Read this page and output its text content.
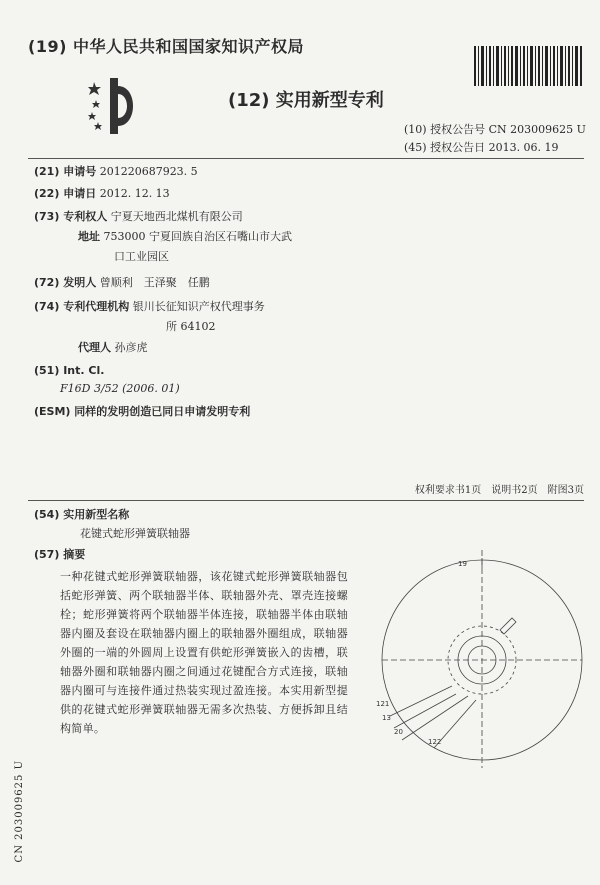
(19) 中华人民共和国国家知识产权局
(12) 实用新型专利
(10) 授权公告号 CN 203009625 U
(45) 授权公告日 2013. 06. 19
(21) 申请号 201220687923. 5
(22) 申请日 2012. 12. 13
(73) 专利权人 宁夏天地西北煤机有限公司
地址 753000 宁夏回族自治区石嘴山市大武
口工业园区
(72) 发明人 曾顺利　王泽聚　任鹏
(74) 专利代理机构 银川长征知识产权代理事务
所 64102
代理人 孙彦虎
(51) Int. Cl.
F16D 3/52 (2006. 01)
(ESM) 同样的发明创造已同日申请发明专利
权利要求书1页　说明书2页　附图3页
(54) 实用新型名称
花键式蛇形弹簧联轴器
(57) 摘要
一种花键式蛇形弹簧联轴器，该花键式蛇形弹簧联轴器包括蛇形弹簧、两个联轴器半体、联轴器外壳、罩壳连接螺栓；蛇形弹簧将两个联轴器半体连接，联轴器半体由联轴器内圈及套设在联轴器内圈上的联轴器外圈组成，联轴器外圈的一端的外圆周上设置有供蛇形弹簧嵌入的齿槽，联轴器外圈和联轴器内圈之间通过花键配合方式连接，联轴器内圈可与连接件通过热装实现过盈连接。本实用新型提供的花键式蛇形弹簧联轴器无需多次热装、方便拆卸且结构简单。
19
121
13
20
122
CN 203009625 U
